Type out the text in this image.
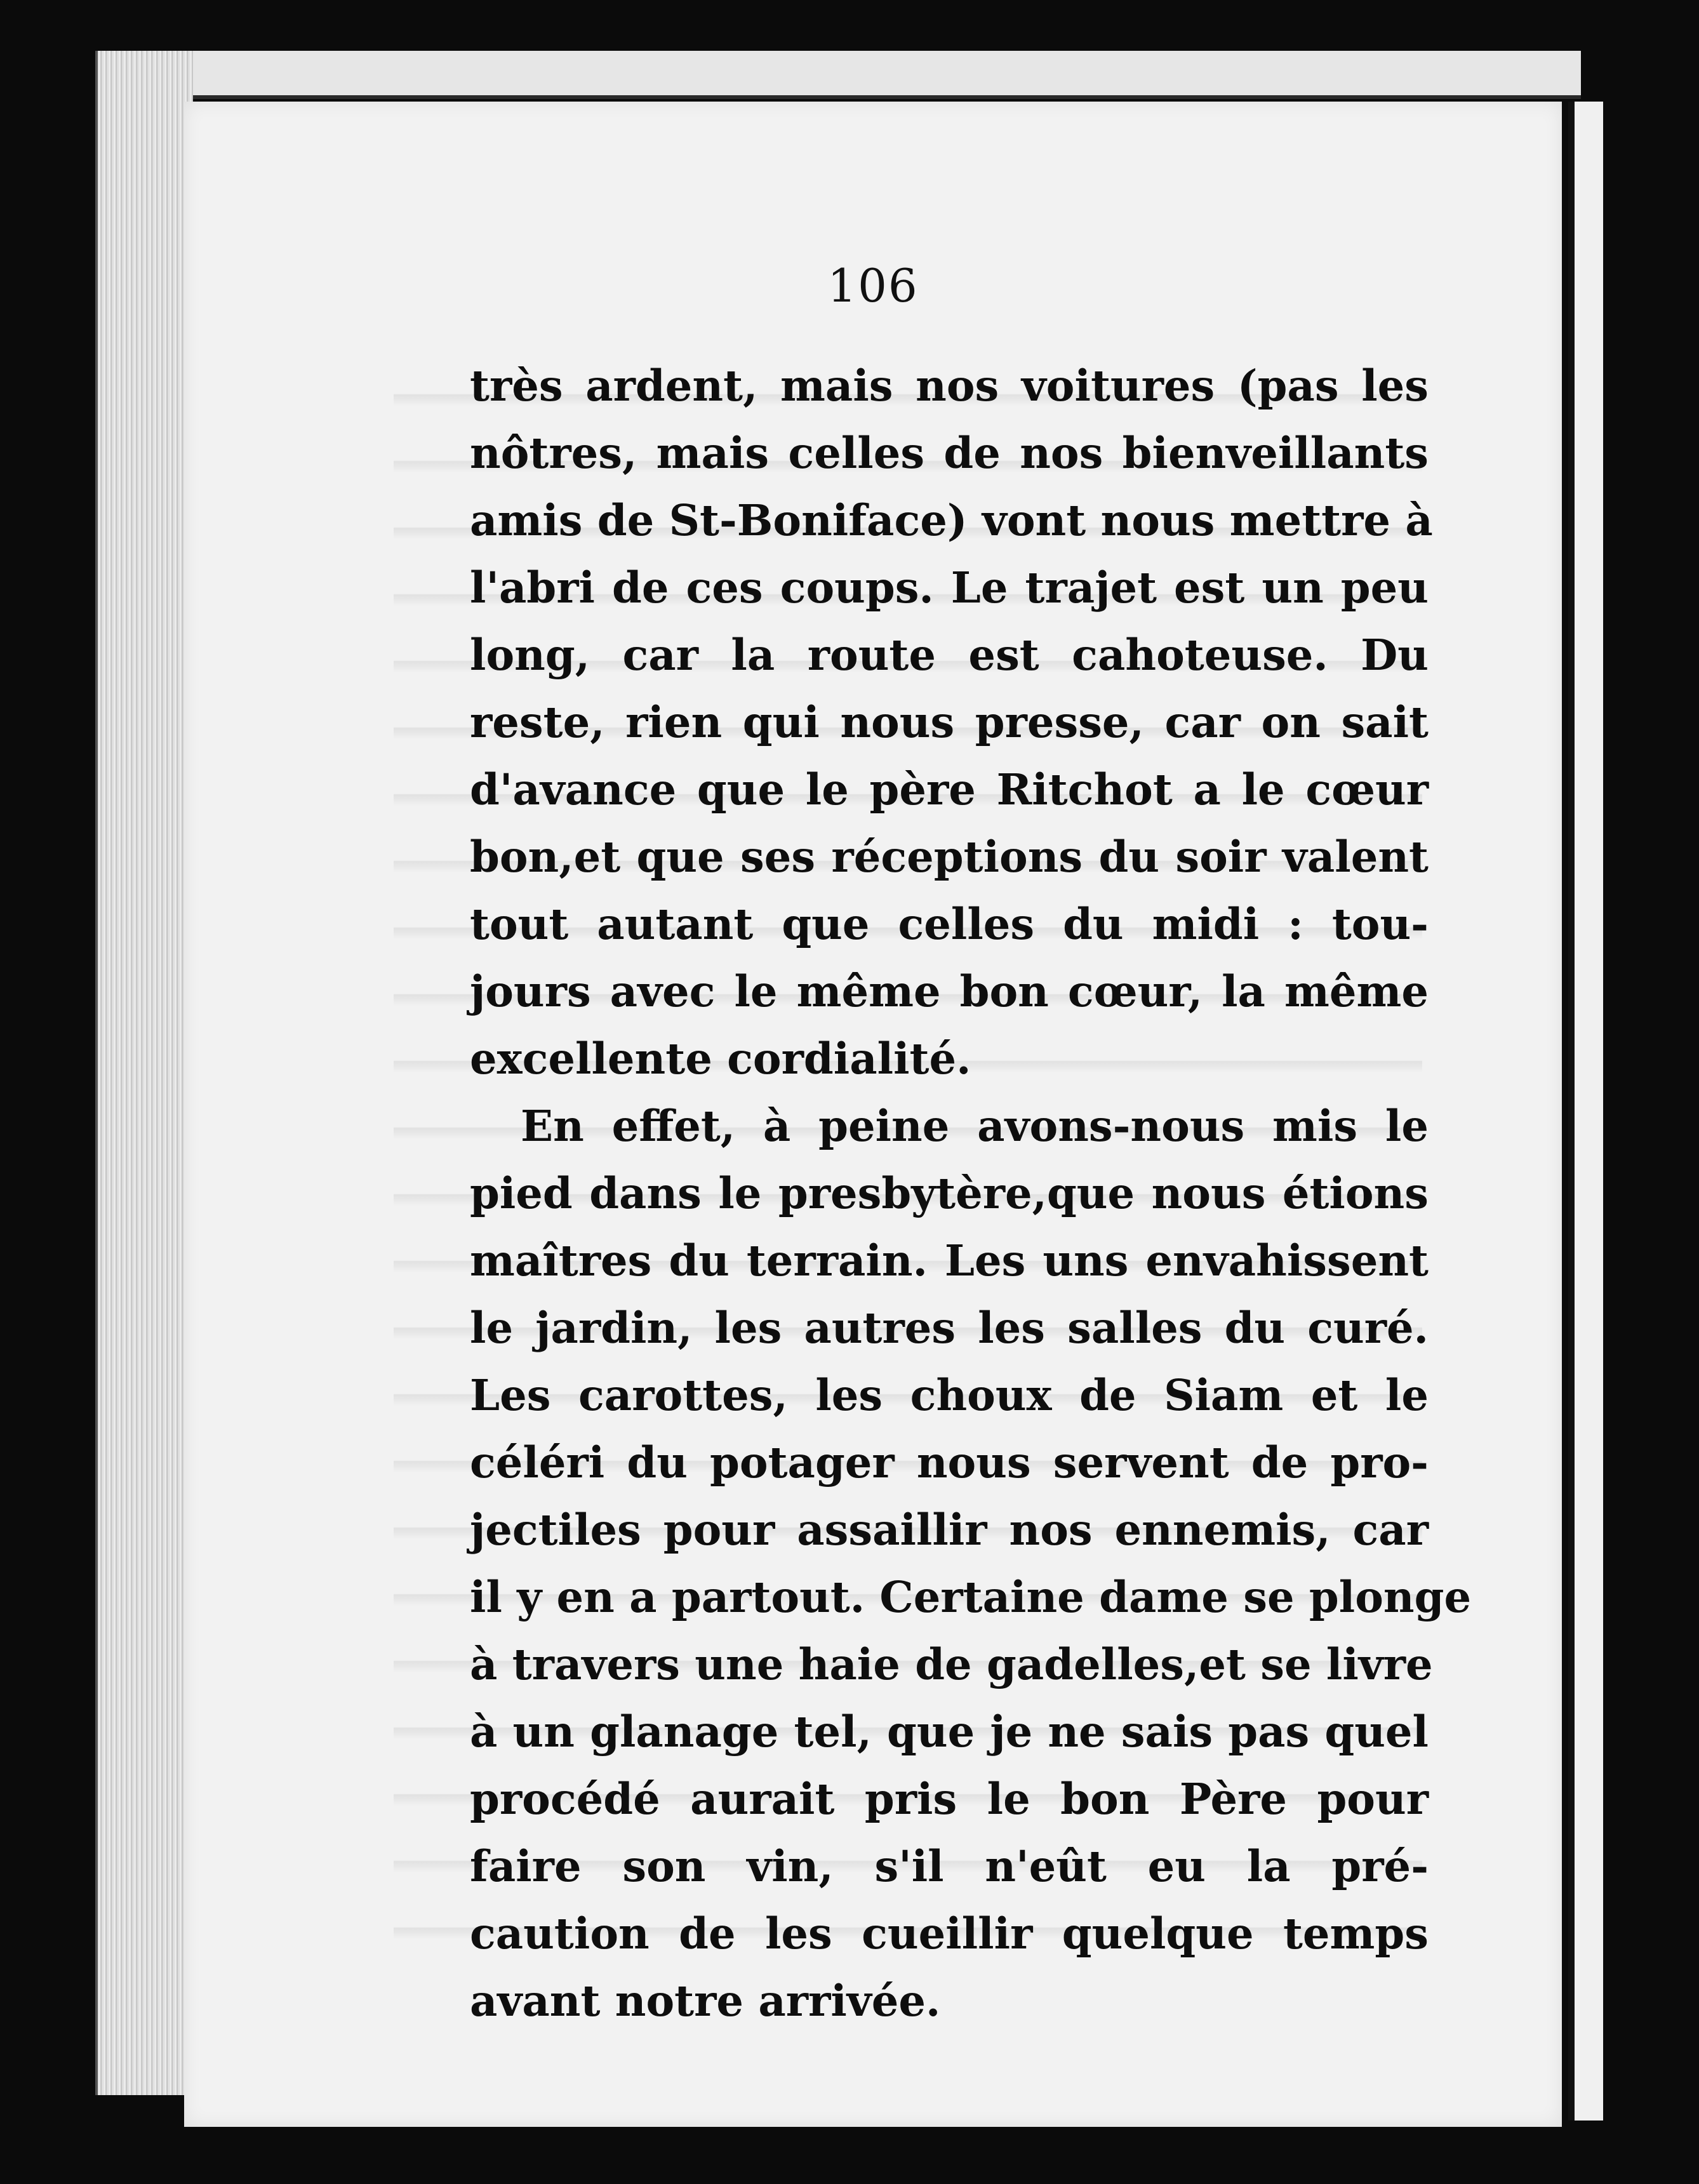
106
très ardent, mais nos voitures (pas les
nôtres, mais celles de nos bienveillants
amis de St-Boniface) vont nous mettre à
l'abri de ces coups. Le trajet est un peu
long, car la route est cahoteuse. Du
reste, rien qui nous presse, car on sait
d'avance que le père Ritchot a le cœur
bon,et que ses réceptions du soir valent
tout autant que celles du midi : tou-
jours avec le même bon cœur, la même
excellente cordialité.
En effet, à peine avons-nous mis le
pied dans le presbytère,que nous étions
maîtres du terrain. Les uns envahissent
le jardin, les autres les salles du curé.
Les carottes, les choux de Siam et le
céléri du potager nous servent de pro-
jectiles pour assaillir nos ennemis, car
il y en a partout. Certaine dame se plonge
à travers une haie de gadelles,et se livre
à un glanage tel, que je ne sais pas quel
procédé aurait pris le bon Père pour
faire son vin, s'il n'eût eu la pré-
caution de les cueillir quelque temps
avant notre arrivée.
